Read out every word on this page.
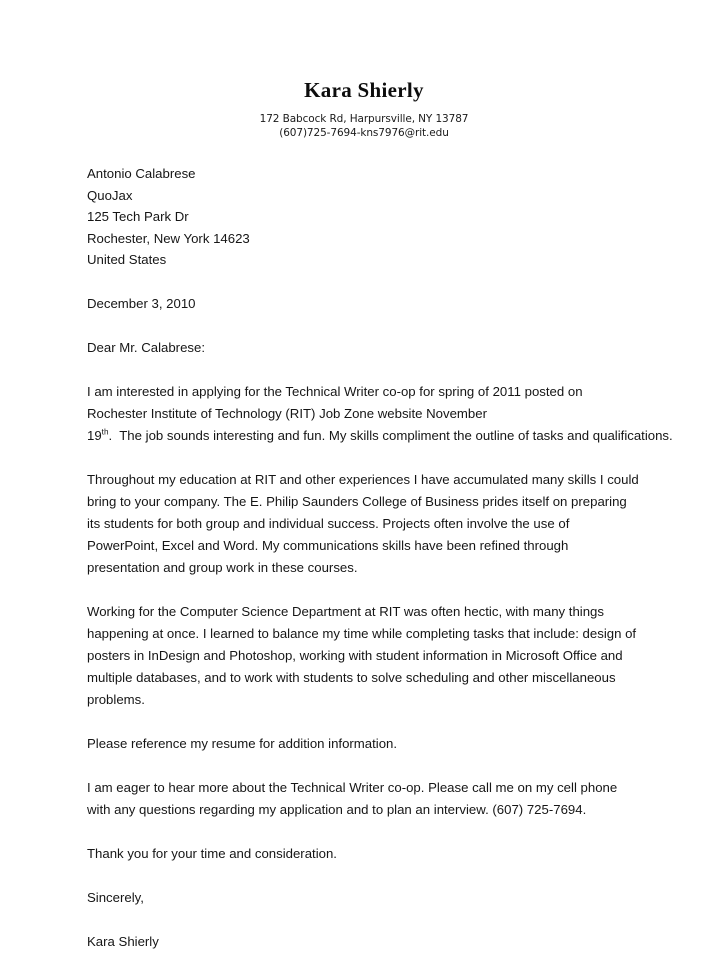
Kara Shierly
172 Babcock Rd, Harpursville, NY 13787
(607)725-7694-kns7976@rit.edu
Antonio Calabrese
QuoJax
125 Tech Park Dr
Rochester, New York 14623
United States

December 3, 2010

Dear Mr. Calabrese:

I am interested in applying for the Technical Writer co-op for spring of 2011 posted on Rochester Institute of Technology (RIT) Job Zone website November 19th.  The job sounds interesting and fun. My skills compliment the outline of tasks and qualifications.

Throughout my education at RIT and other experiences I have accumulated many skills I could bring to your company. The E. Philip Saunders College of Business prides itself on preparing its students for both group and individual success. Projects often involve the use of PowerPoint, Excel and Word. My communications skills have been refined through presentation and group work in these courses.

Working for the Computer Science Department at RIT was often hectic, with many things happening at once. I learned to balance my time while completing tasks that include: design of posters in InDesign and Photoshop, working with student information in Microsoft Office and multiple databases, and to work with students to solve scheduling and other miscellaneous problems.

Please reference my resume for addition information.

I am eager to hear more about the Technical Writer co-op. Please call me on my cell phone with any questions regarding my application and to plan an interview. (607) 725-7694.

Thank you for your time and consideration.

Sincerely,

Kara Shierly
